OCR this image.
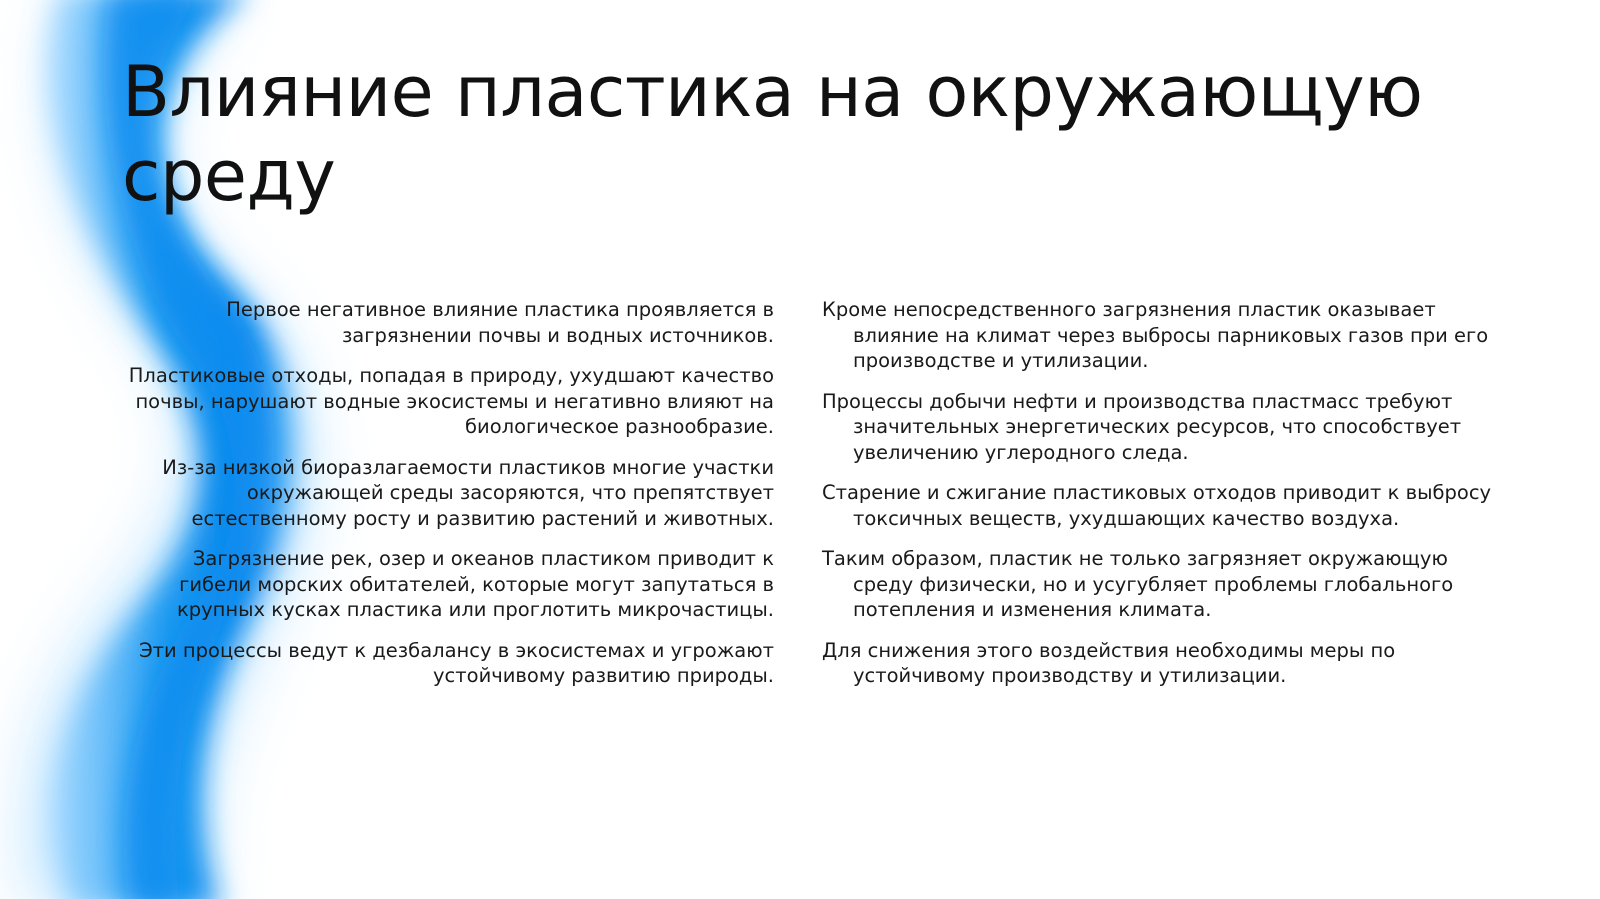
Влияние пластика на окружающую среду

Первое негативное влияние пластика проявляется в загрязнении почвы и водных источников.

Пластиковые отходы, попадая в природу, ухудшают качество почвы, нарушают водные экосистемы и негативно влияют на биологическое разнообразие.

Из-за низкой биоразлагаемости пластиков многие участки окружающей среды засоряются, что препятствует естественному росту и развитию растений и животных.

Загрязнение рек, озер и океанов пластиком приводит к гибели морских обитателей, которые могут запутаться в крупных кусках пластика или проглотить микрочастицы.

Эти процессы ведут к дезбалансу в экосистемах и угрожают устойчивому развитию природы.

Кроме непосредственного загрязнения пластик оказывает влияние на климат через выбросы парниковых газов при его производстве и утилизации.

Процессы добычи нефти и производства пластмасс требуют значительных энергетических ресурсов, что способствует увеличению углеродного следа.

Старение и сжигание пластиковых отходов приводит к выбросу токсичных веществ, ухудшающих качество воздуха.

Таким образом, пластик не только загрязняет окружающую среду физически, но и усугубляет проблемы глобального потепления и изменения климата.

Для снижения этого воздействия необходимы меры по устойчивому производству и утилизации.
